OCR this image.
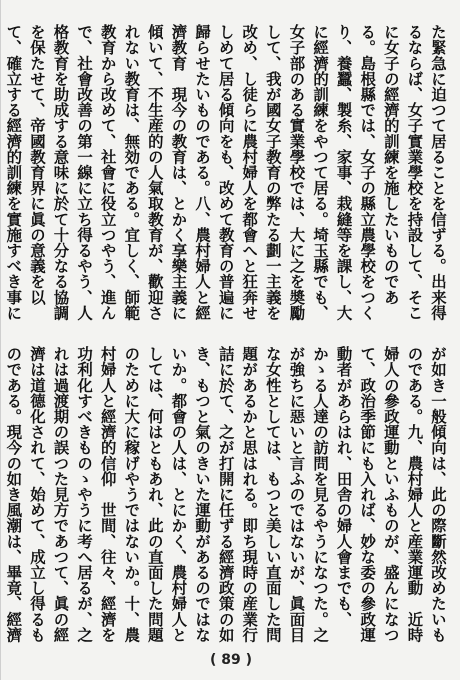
た緊急に迫つて居ることを信ずる。出来得るならば、女子實業學校を持設して、そこに女子の經濟的訓練を施したいものである。島根縣では、女子の縣立農學校をつくり、養蠶、製糸、家事、栽縫等を課し、大に經濟的訓練をやつて居る。埼玉縣でも、女子部のある實業學校では、大に之を奬勵して、我が國女子教育の弊たる劃一主義を改め、し徒らに農村婦人を都會へと狂奔せしめて居る傾向をも、改めて教育の普遍に歸らせたいものである。八、農村婦人と經濟教育　現今の教育は、とかく享樂主義に傾いて、不生産的の人氣取教育が、歡迎されない教育は、無効である。宜しく、師範教育から改めて、社會に役立つやう、進んで、社會改善の第一線に立ち得るやう、人格教育を助成する意味に於て十分なる協調を保たせて、帝國教育界に眞の意義を以て、確立する經濟的訓練を實施すべき事に

が如き一般傾向は、此の際斷然改めたいものである。九、農村婦人と産業運動　近時婦人の參政運動といふものが、盛んになつて、政治季節にも入れば、妙な委の參政運動者があらはれ、田舎の婦人會までも、かゝる人達の訪問を見るやうになつた。之が強ちに惡いと言ふのではないが、眞面目な女性としては、もつと美しい直面した問題があるかと思はれる。即ち現時の産業行詰に於て、之が打開に任ずる經濟政策の如き、もつと氣のきいた運動があるのではないか。都會の人は、とにかく、農村婦人としては、何はともあれ、此の直面した問題のために大に稼げやうではないか。十、農村婦人と經濟的信仰　世間、往々、經濟を功利化すべきものゝやうに考へ居るが、之れは過渡期の誤つた見方であつて、眞の經濟は道德化されて、始めて、成立し得るものである。現今の如き風潮は、畢竟、經濟

( 89 )
